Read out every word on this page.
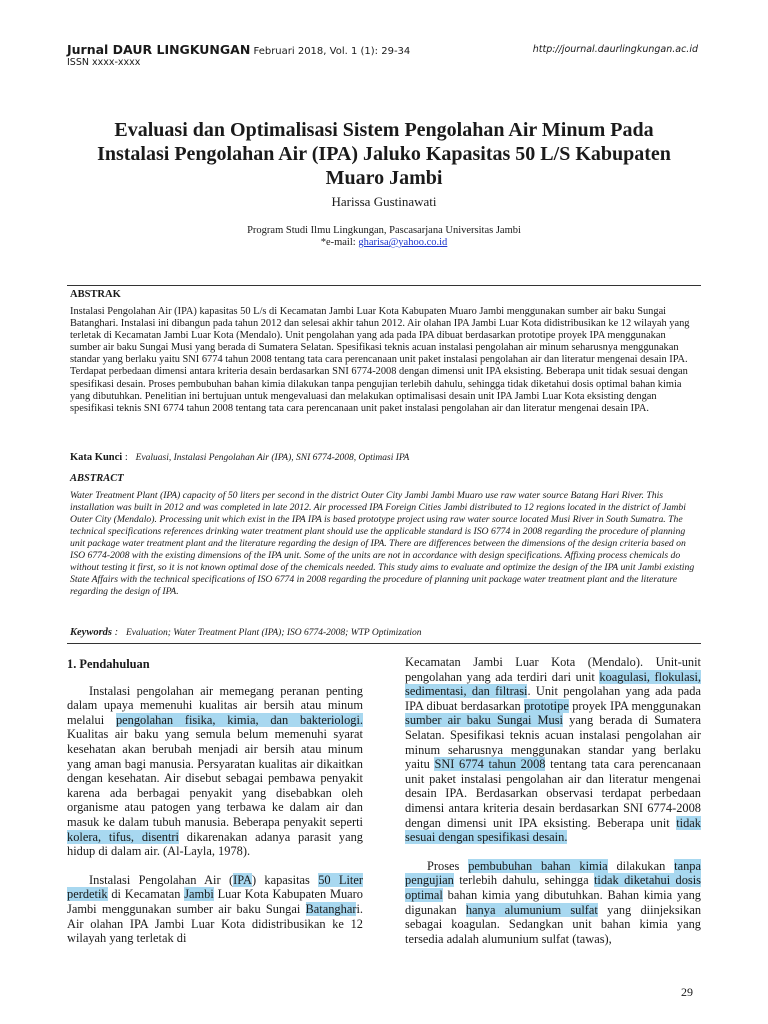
Jurnal DAUR LINGKUNGAN Februari 2018, Vol. 1 (1): 29-34
ISSN xxxx-xxxx
http://journal.daurlingkungan.ac.id
Evaluasi dan Optimalisasi Sistem Pengolahan Air Minum Pada Instalasi Pengolahan Air (IPA) Jaluko Kapasitas 50 L/S Kabupaten Muaro Jambi
Harissa Gustinawati
Program Studi Ilmu Lingkungan, Pascasarjana Universitas Jambi
*e-mail: gharisa@yahoo.co.id
ABSTRAK
Instalasi Pengolahan Air (IPA) kapasitas 50 L/s di Kecamatan Jambi Luar Kota Kabupaten Muaro Jambi menggunakan sumber air baku Sungai Batanghari. Instalasi ini dibangun pada tahun 2012 dan selesai akhir tahun 2012. Air olahan IPA Jambi Luar Kota didistribusikan ke 12 wilayah yang terletak di Kecamatan Jambi Luar Kota (Mendalo). Unit pengolahan yang ada pada IPA dibuat berdasarkan prototipe proyek IPA menggunakan sumber air baku Sungai Musi yang berada di Sumatera Selatan. Spesifikasi teknis acuan instalasi pengolahan air minum seharusnya menggunakan standar yang berlaku yaitu SNI 6774 tahun 2008 tentang tata cara perencanaan unit paket instalasi pengolahan air dan literatur mengenai desain IPA. Terdapat perbedaan dimensi antara kriteria desain berdasarkan SNI 6774-2008 dengan dimensi unit IPA eksisting. Beberapa unit tidak sesuai dengan spesifikasi desain. Proses pembubuhan bahan kimia dilakukan tanpa pengujian terlebih dahulu, sehingga tidak diketahui dosis optimal bahan kimia yang dibutuhkan. Penelitian ini bertujuan untuk mengevaluasi dan melakukan optimalisasi desain unit IPA Jambi Luar Kota eksisting dengan spesifikasi teknis SNI 6774 tahun 2008 tentang tata cara perencanaan unit paket instalasi pengolahan air dan literatur mengenai desain IPA.
Kata Kunci : Evaluasi, Instalasi Pengolahan Air (IPA), SNI 6774-2008, Optimasi IPA
ABSTRACT
Water Treatment Plant (IPA) capacity of 50 liters per second in the district Outer City Jambi Jambi Muaro use raw water source Batang Hari River. This installation was built in 2012 and was completed in late 2012. Air processed IPA Foreign Cities Jambi distributed to 12 regions located in the district of Jambi Outer City (Mendalo). Processing unit which exist in the IPA IPA is based prototype project using raw water source located Musi River in South Sumatra. The technical specifications references drinking water treatment plant should use the applicable standard is ISO 6774 in 2008 regarding the procedure of planning unit package water treatment plant and the literature regarding the design of IPA. There are differences between the dimensions of the design criteria based on ISO 6774-2008 with the existing dimensions of the IPA unit. Some of the units are not in accordance with design specifications. Affixing process chemicals do without testing it first, so it is not known optimal dose of the chemicals needed. This study aims to evaluate and optimize the design of the IPA unit Jambi existing State Affairs with the technical specifications of ISO 6774 in 2008 regarding the procedure of planning unit package water treatment plant and the literature regarding the design of IPA.
Keywords : Evaluation; Water Treatment Plant (IPA); ISO 6774-2008; WTP Optimization

1. Pendahuluan

Instalasi pengolahan air memegang peranan penting dalam upaya memenuhi kualitas air bersih atau minum melalui pengolahan fisika, kimia, dan bakteriologi. Kualitas air baku yang semula belum memenuhi syarat kesehatan akan berubah menjadi air bersih atau minum yang aman bagi manusia. Persyaratan kualitas air dikaitkan dengan kesehatan. Air disebut sebagai pembawa penyakit karena ada berbagai penyakit yang disebabkan oleh organisme atau patogen yang terbawa ke dalam air dan masuk ke dalam tubuh manusia. Beberapa penyakit seperti kolera, tifus, disentri dikarenakan adanya parasit yang hidup di dalam air. (Al-Layla, 1978).

Instalasi Pengolahan Air (IPA) kapasitas 50 Liter perdetik di Kecamatan Jambi Luar Kota Kabupaten Muaro Jambi menggunakan sumber air baku Sungai Batanghari. Air olahan IPA Jambi Luar Kota didistribusikan ke 12 wilayah yang terletak di

Kecamatan Jambi Luar Kota (Mendalo). Unit-unit pengolahan yang ada terdiri dari unit koagulasi, flokulasi, sedimentasi, dan filtrasi. Unit pengolahan yang ada pada IPA dibuat berdasarkan prototipe proyek IPA menggunakan sumber air baku Sungai Musi yang berada di Sumatera Selatan. Spesifikasi teknis acuan instalasi pengolahan air minum seharusnya menggunakan standar yang berlaku yaitu SNI 6774 tahun 2008 tentang tata cara perencanaan unit paket instalasi pengolahan air dan literatur mengenai desain IPA. Berdasarkan observasi terdapat perbedaan dimensi antara kriteria desain berdasarkan SNI 6774-2008 dengan dimensi unit IPA eksisting. Beberapa unit tidak sesuai dengan spesifikasi desain.

Proses pembubuhan bahan kimia dilakukan tanpa pengujian terlebih dahulu, sehingga tidak diketahui dosis optimal bahan kimia yang dibutuhkan. Bahan kimia yang digunakan hanya alumunium sulfat yang diinjeksikan sebagai koagulan. Sedangkan unit bahan kimia yang tersedia adalah alumunium sulfat (tawas),

29
